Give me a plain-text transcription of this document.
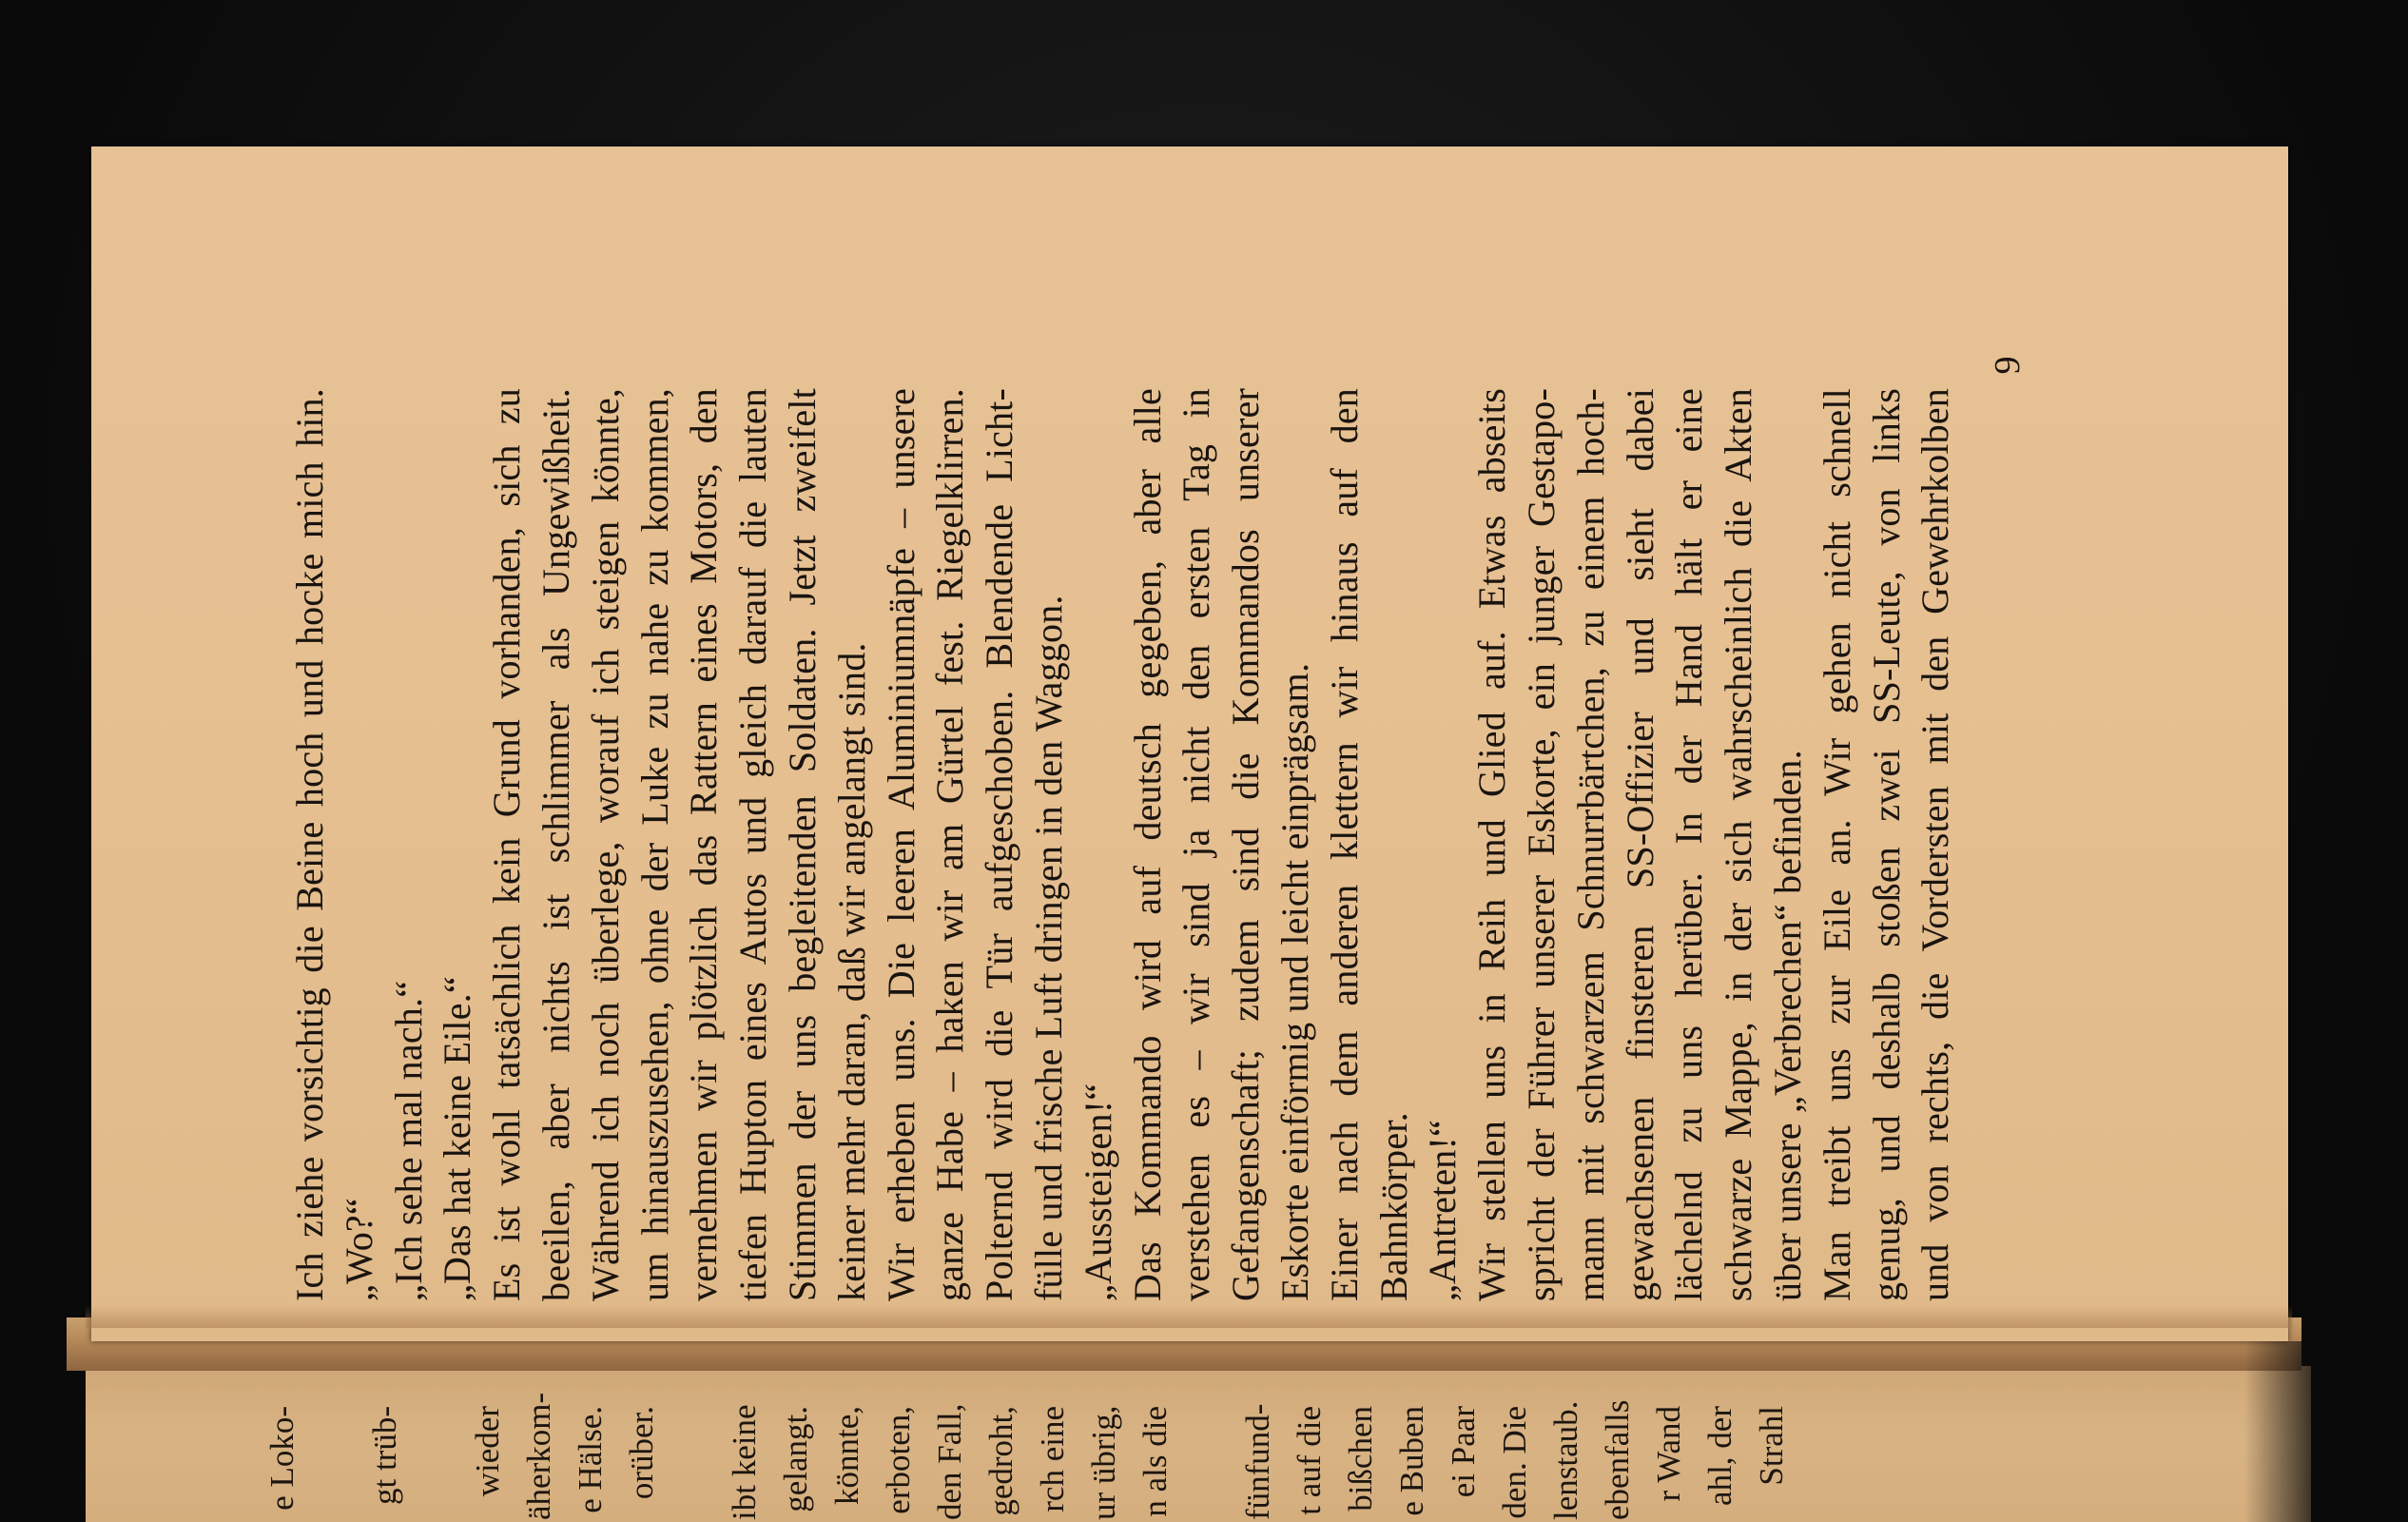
Ich ziehe vorsichtig die Beine hoch und hocke mich hin. „Wo?“ „Ich sehe mal nach.“ „Das hat keine Eile.“ Es ist wohl tatsächlich kein Grund vorhanden, sich zu beeilen, aber nichts ist schlimmer als Ungewißheit. Während ich noch überlege, worauf ich steigen könnte, um hinauszusehen, ohne der Luke zu nahe zu kommen, vernehmen wir plötzlich das Rattern eines Motors, den tiefen Hupton eines Autos und gleich darauf die lauten Stimmen der uns begleitenden Soldaten. Jetzt zweifelt keiner mehr daran, daß wir angelangt sind. Wir erheben uns. Die leeren Aluminiumnäpfe – unsere ganze Habe – haken wir am Gürtel fest. Riegelklirren. Polternd wird die Tür aufgeschoben. Blendende Licht- fülle und frische Luft dringen in den Waggon. „Aussteigen!“ Das Kommando wird auf deutsch gegeben, aber alle verstehen es – wir sind ja nicht den ersten Tag in Gefangenschaft; zudem sind die Kommandos unserer Eskorte einförmig und leicht einprägsam. Einer nach dem anderen klettern wir hinaus auf den Bahnkörper. „Antreten!“ Wir stellen uns in Reih und Glied auf. Etwas abseits spricht der Führer unserer Eskorte, ein junger Gestapo- mann mit schwarzem Schnurrbärtchen, zu einem hoch- gewachsenen finsteren SS-Offizier und sieht dabei lächelnd zu uns herüber. In der Hand hält er eine schwarze Mappe, in der sich wahrscheinlich die Akten über unsere „Verbrechen“ befinden. Man treibt uns zur Eile an. Wir gehen nicht schnell genug, und deshalb stoßen zwei SS-Leute, von links und von rechts, die Vordersten mit den Gewehrkolben
9
e Loko-
gt trüb-
wieder äherkom- e Hälse. orüber.
ibt keine gelangt. könnte, erboten, den Fall, gedroht, rch eine ur übrig, n als die
fünfund- t auf die bißchen e Buben ei Paar den. Die lenstaub. ebenfalls r Wand ahl, der Strahl
